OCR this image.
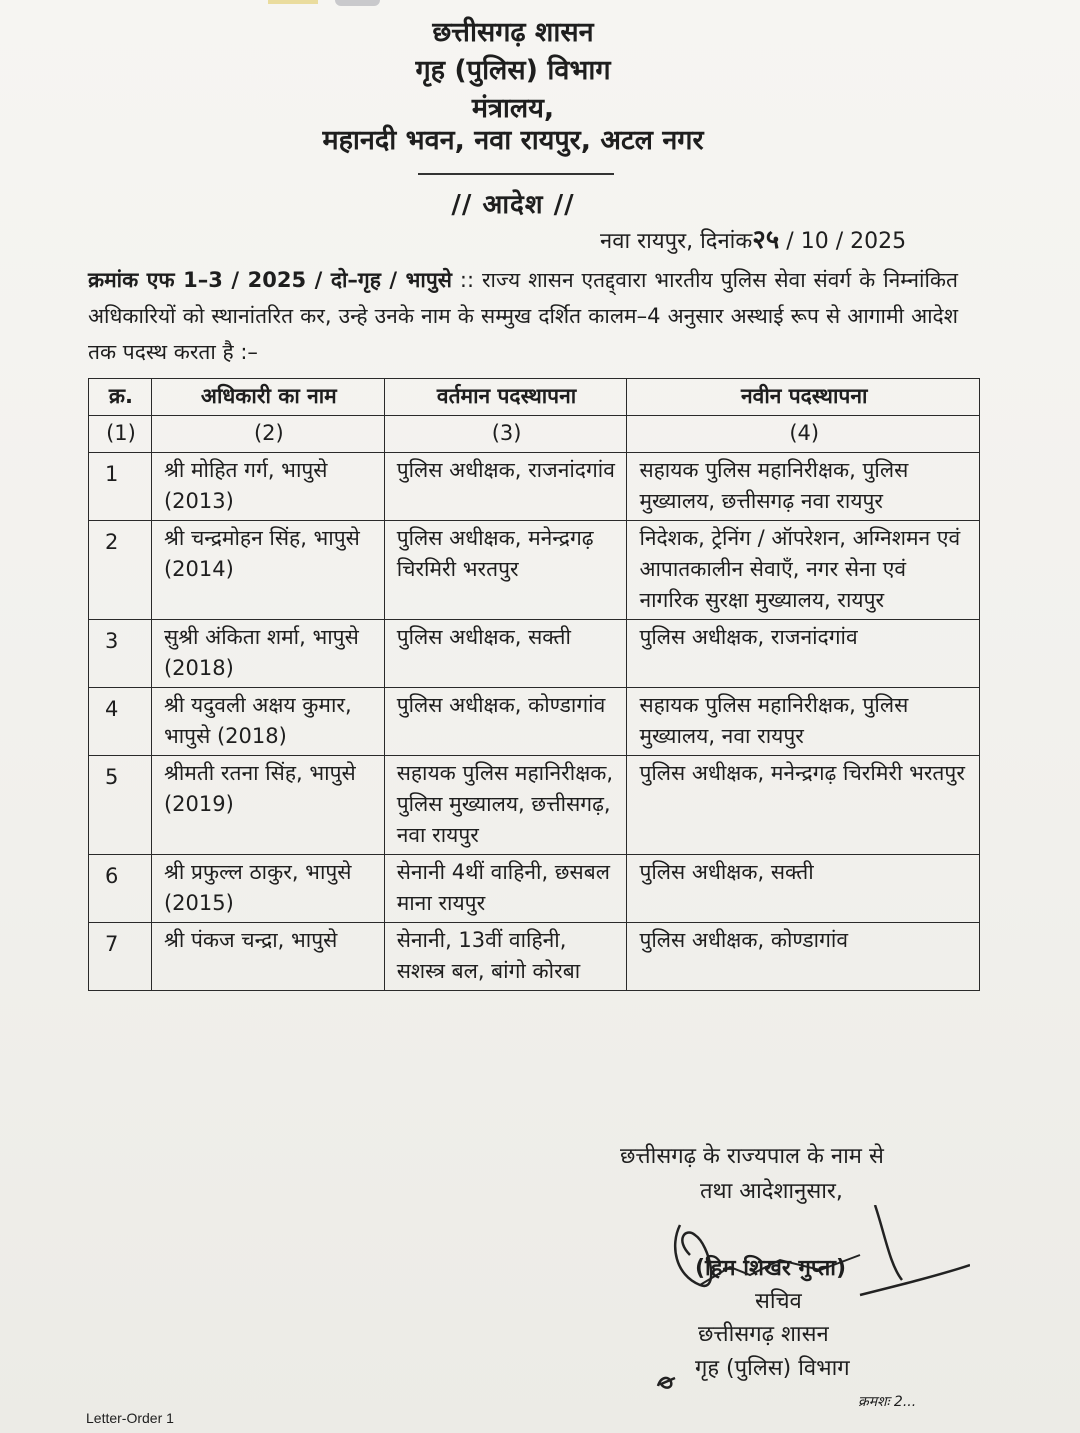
छत्तीसगढ़ शासन
गृह (पुलिस) विभाग
मंत्रालय,
महानदी भवन, नवा रायपुर, अटल नगर
// आदेश //
नवा रायपुर, दिनांक२५ / 10 / 2025
क्रमांक एफ 1–3 / 2025 / दो–गृह / भापुसे :: राज्य शासन एतद्द्वारा भारतीय पुलिस सेवा संवर्ग के निम्नांकित अधिकारियों को स्थानांतरित कर, उन्हे उनके नाम के सम्मुख दर्शित कालम–4 अनुसार अस्थाई रूप से आगामी आदेश तक पदस्थ करता है :–
क्र.	अधिकारी का नाम	वर्तमान पदस्थापना	नवीन पदस्थापना
(1)	(2)	(3)	(4)
1	श्री मोहित गर्ग, भापुसे (2013)	पुलिस अधीक्षक, राजनांदगांव	सहायक पुलिस महानिरीक्षक, पुलिस मुख्यालय, छत्तीसगढ़ नवा रायपुर
2	श्री चन्द्रमोहन सिंह, भापुसे (2014)	पुलिस अधीक्षक, मनेन्द्रगढ़ चिरमिरी भरतपुर	निदेशक, ट्रेनिंग / ऑपरेशन, अग्निशमन एवं आपातकालीन सेवाएँ, नगर सेना एवं नागरिक सुरक्षा मुख्यालय, रायपुर
3	सुश्री अंकिता शर्मा, भापुसे (2018)	पुलिस अधीक्षक, सक्ती	पुलिस अधीक्षक, राजनांदगांव
4	श्री यदुवली अक्षय कुमार, भापुसे (2018)	पुलिस अधीक्षक, कोण्डागांव	सहायक पुलिस महानिरीक्षक, पुलिस मुख्यालय, नवा रायपुर
5	श्रीमती रतना सिंह, भापुसे (2019)	सहायक पुलिस महानिरीक्षक, पुलिस मुख्यालय, छत्तीसगढ़, नवा रायपुर	पुलिस अधीक्षक, मनेन्द्रगढ़ चिरमिरी भरतपुर
6	श्री प्रफुल्ल ठाकुर, भापुसे (2015)	सेनानी 4थीं वाहिनी, छसबल माना रायपुर	पुलिस अधीक्षक, सक्ती
7	श्री पंकज चन्द्रा, भापुसे	सेनानी, 13वीं वाहिनी, सशस्त्र बल, बांगो कोरबा	पुलिस अधीक्षक, कोण्डागांव
छत्तीसगढ़ के राज्यपाल के नाम से
तथा आदेशानुसार,
(हिम शिखर गुप्ता)
सचिव
छत्तीसगढ़ शासन
गृह (पुलिस) विभाग
क्रमशः 2...
Letter-Order 1
